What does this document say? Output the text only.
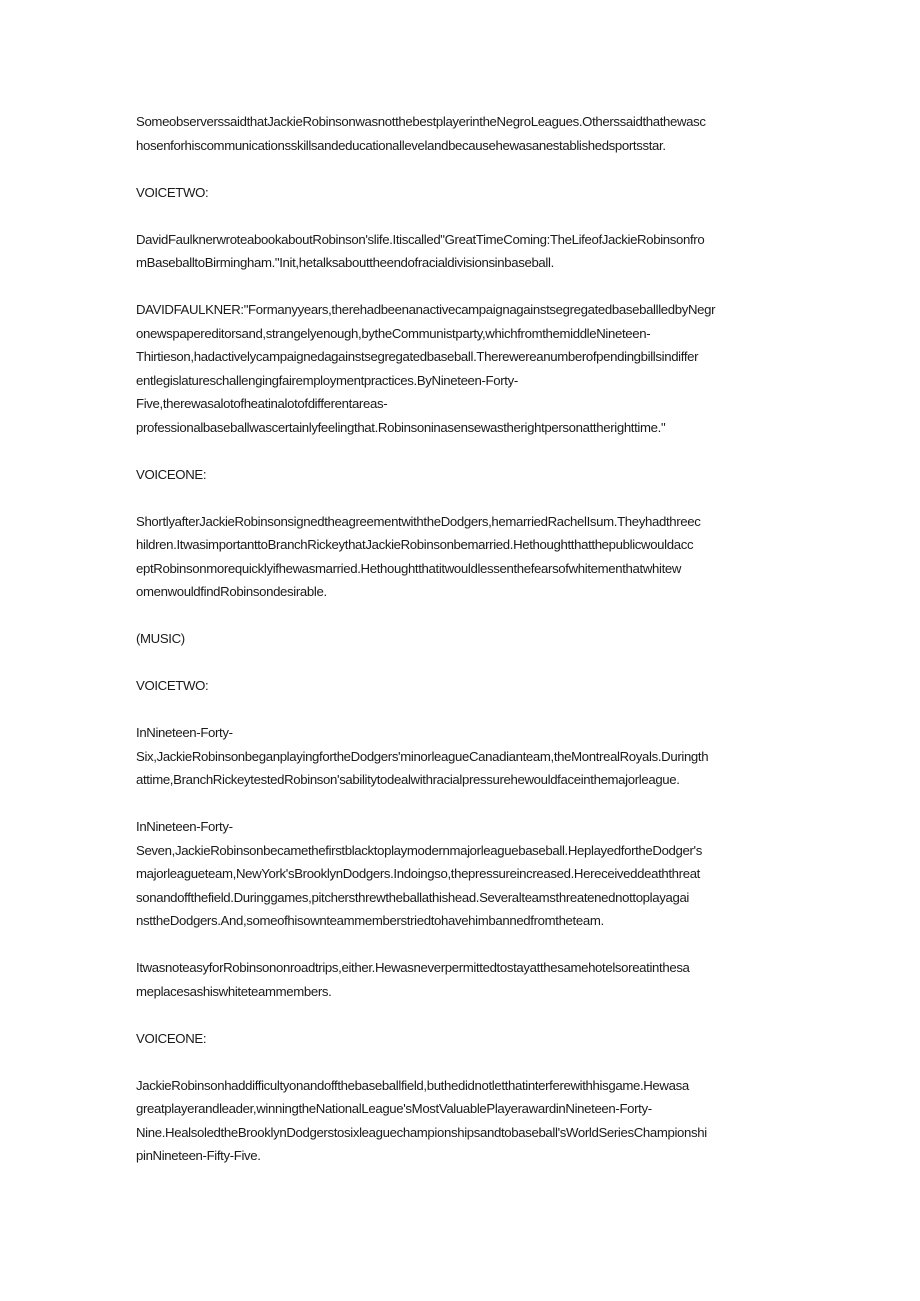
SomeobserverssaidthatJackieRobinsonwasnotthebestplayerintheNegroLeagues.Otherssaidthathewasc
hosenforhiscommunicationsskillsandeducationallevelandbecausehewasanestablishedsportsstar.
VOICETWO:
DavidFaulknerwroteabookaboutRobinson'slife.Itiscalled"GreatTimeComing:TheLifeofJackieRobinsonfro
mBaseballtoBirmingham."Init,hetalksabouttheendofracialdivisionsinbaseball.
DAVIDFAULKNER:"Formanyyears,therehadbeenanactivecampaignagainstsegregatedbaseballledbyNegr
onewspapereditorsand,strangelyenough,bytheCommunistparty,whichfromthemiddleNineteen-
Thirtieson,hadactivelycampaignedagainstsegregatedbaseball.Therewereanumberofpendingbillsindiffer
entlegislatureschallengingfairemploymentpractices.ByNineteen-Forty-
Five,therewasalotofheatinalotofdifferentareas-
professionalbaseballwascertainlyfeelingthat.Robinsoninasensewastherightpersonattherighttime."
VOICEONE:
ShortlyafterJackieRobinsonsignedtheagreementwiththeDodgers,hemarriedRachelIsum.Theyhadthreec
hildren.ItwasimportanttoBranchRickeythatJackieRobinsonbemarried.Hethoughtthatthepublicwouldacc
eptRobinsonmorequicklyifhewasmarried.Hethoughtthatitwouldlessenthefearsofwhitementhatwhitew
omenwouldfindRobinsondesirable.
(MUSIC)
VOICETWO:
InNineteen-Forty-
Six,JackieRobinsonbeganplayingfortheDodgers'minorleagueCanadianteam,theMontrealRoyals.Duringth
attime,BranchRickeytestedRobinson'sabilitytodealwithracialpressurehewouldfaceinthemajorleague.
InNineteen-Forty-
Seven,JackieRobinsonbecamethefirstblacktoplaymodernmajorleaguebaseball.HeplayedfortheDodger's
majorleagueteam,NewYork'sBrooklynDodgers.Indoingso,thepressureincreased.Hereceiveddeaththreat
sonandoffthefield.Duringgames,pitchersthrewtheballathishead.Severalteamsthreatenednottoplayagai
nsttheDodgers.And,someofhisownteammemberstriedtohavehimbannedfromtheteam.
ItwasnoteasyforRobinsononroadtrips,either.Hewasneverpermittedtostayatthesamehotelsoreatinthesa
meplacesashiswhiteteammembers.
VOICEONE:
JackieRobinsonhaddifficultyonandoffthebaseballfield,buthedidnotletthatinterferewithhisgame.Hewasa
greatplayerandleader,winningtheNationalLeague'sMostValuablePlayerawardinNineteen-Forty-
Nine.HealsoledtheBrooklynDodgerstosixleaguechampionshipsandtobaseball'sWorldSeriesChampionshi
pinNineteen-Fifty-Five.
